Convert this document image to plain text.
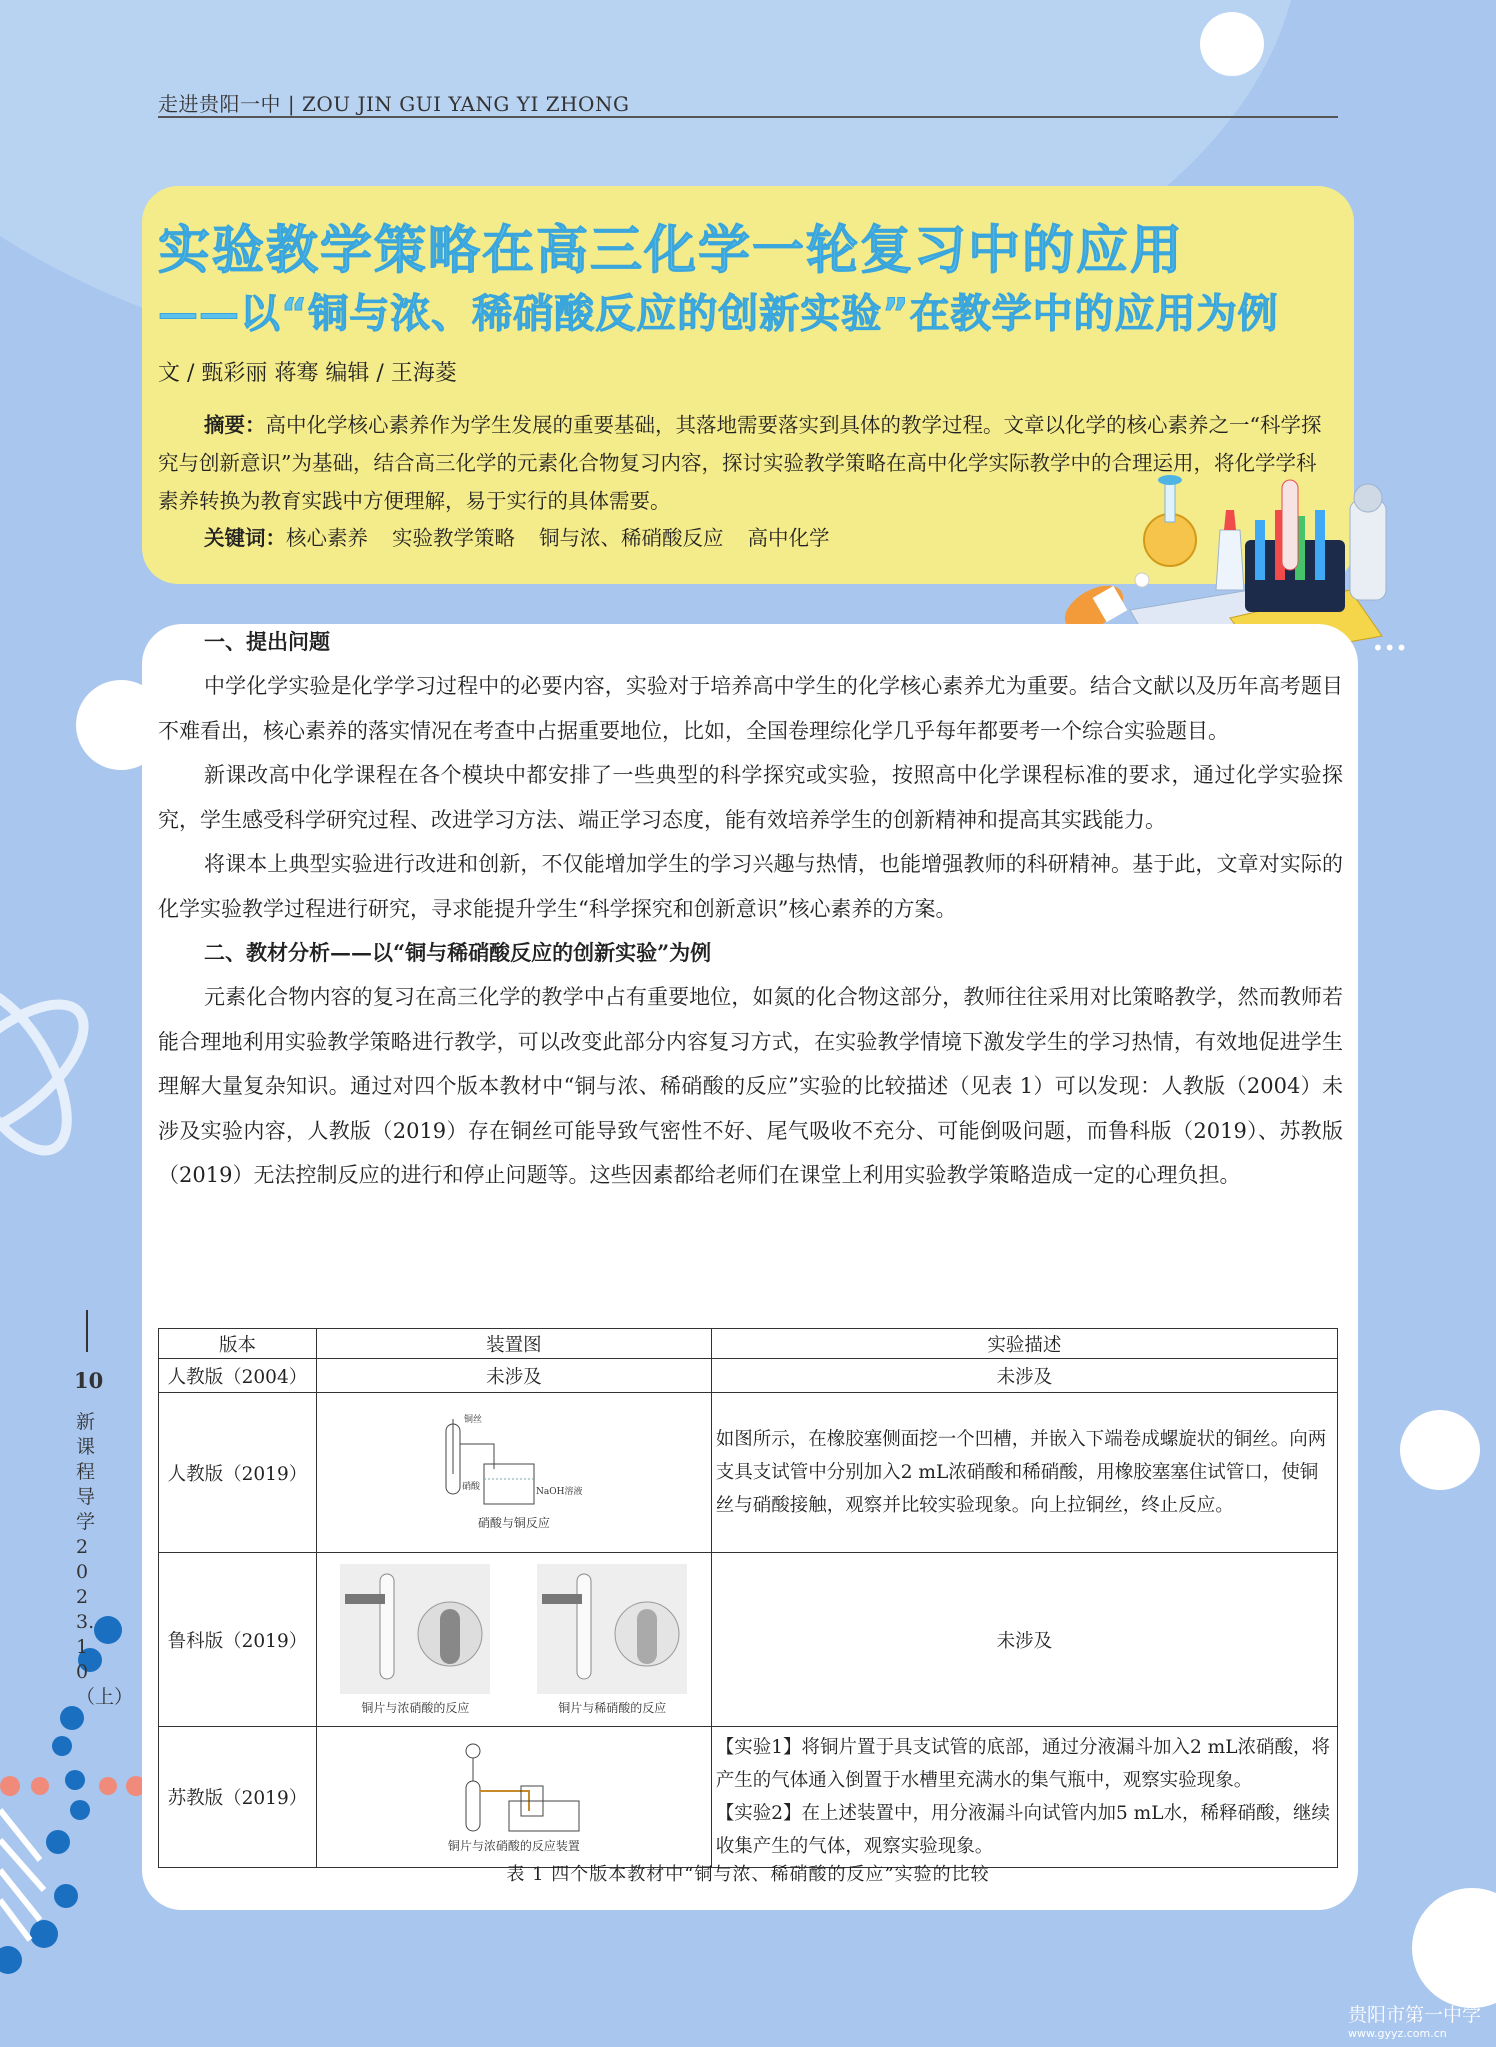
走进贵阳一中 | ZOU JIN GUI YANG YI ZHONG
实验教学策略在高三化学一轮复习中的应用
——以“铜与浓、稀硝酸反应的创新实验”在教学中的应用为例
文 / 甄彩丽 蒋骞 编辑 / 王海菱
摘要：高中化学核心素养作为学生发展的重要基础，其落地需要落实到具体的教学过程。文章以化学的核心素养之一“科学探究与创新意识”为基础，结合高三化学的元素化合物复习内容，探讨实验教学策略在高中化学实际教学中的合理运用，将化学学科素养转换为教育实践中方便理解，易于实行的具体需要。
关键词：核心素养 实验教学策略 铜与浓、稀硝酸反应 高中化学
•••
一、提出问题

中学化学实验是化学学习过程中的必要内容，实验对于培养高中学生的化学核心素养尤为重要。结合文献以及历年高考题目不难看出，核心素养的落实情况在考查中占据重要地位，比如，全国卷理综化学几乎每年都要考一个综合实验题目。

新课改高中化学课程在各个模块中都安排了一些典型的科学探究或实验，按照高中化学课程标准的要求，通过化学实验探究，学生感受科学研究过程、改进学习方法、端正学习态度，能有效培养学生的创新精神和提高其实践能力。

将课本上典型实验进行改进和创新，不仅能增加学生的学习兴趣与热情，也能增强教师的科研精神。基于此，文章对实际的化学实验教学过程进行研究，寻求能提升学生“科学探究和创新意识”核心素养的方案。

二、教材分析——以“铜与稀硝酸反应的创新实验”为例

元素化合物内容的复习在高三化学的教学中占有重要地位，如氮的化合物这部分，教师往往采用对比策略教学，然而教师若能合理地利用实验教学策略进行教学，可以改变此部分内容复习方式，在实验教学情境下激发学生的学习热情，有效地促进学生理解大量复杂知识。通过对四个版本教材中“铜与浓、稀硝酸的反应”实验的比较描述（见表 1）可以发现：人教版（2004）未涉及实验内容，人教版（2019）存在铜丝可能导致气密性不好、尾气吸收不充分、可能倒吸问题，而鲁科版（2019）、苏教版（2019）无法控制反应的进行和停止问题等。这些因素都给老师们在课堂上利用实验教学策略造成一定的心理负担。

版本	装置图	实验描述
人教版（2004）	未涉及	未涉及
人教版（2019）	铜丝
硝酸 NaOH溶液
硝酸与铜反应	如图所示，在橡胶塞侧面挖一个凹槽，并嵌入下端卷成螺旋状的铜丝。向两支具支试管中分别加入2 mL浓硝酸和稀硝酸，用橡胶塞塞住试管口，使铜丝与硝酸接触，观察并比较实验现象。向上拉铜丝，终止反应。
鲁科版（2019）	铜片与浓硝酸的反应 铜片与稀硝酸的反应	未涉及
苏教版（2019）	铜片与浓硝酸的反应装置	【实验1】将铜片置于具支试管的底部，通过分液漏斗加入2 mL浓硝酸，将产生的气体通入倒置于水槽里充满水的集气瓶中，观察实验现象。
【实验2】在上述装置中，用分液漏斗向试管内加5 mL水，稀释硝酸，继续收集产生的气体，观察实验现象。
表 1 四个版本教材中“铜与浓、稀硝酸的反应”实验的比较
10
新课程导学 2023.10（上）
贵阳市第一中学
www.gyyz.com.cn
